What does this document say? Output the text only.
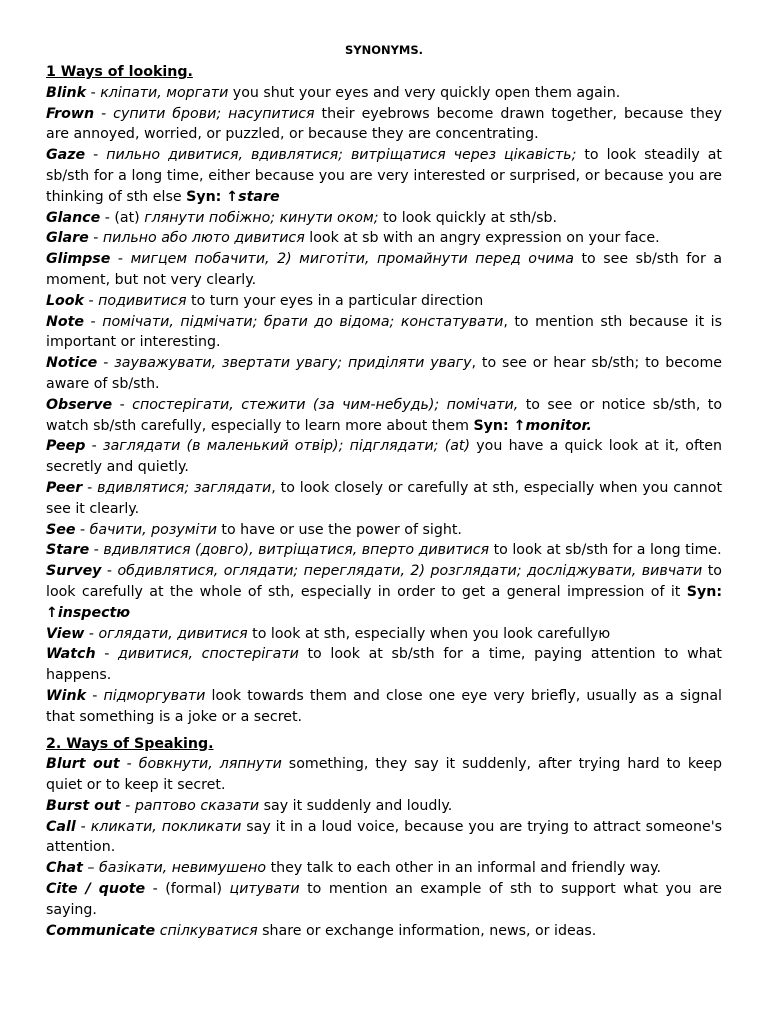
SYNONYMS.
1 Ways of looking.
Blink - кліпати, моргати you shut your eyes and very quickly open them again.
Frown - супити брови; насупитися their eyebrows become drawn together, because they are annoyed, worried, or puzzled, or because they are concentrating.
Gaze - пильно дивитися, вдивлятися; витріщатися через цікавість; to look steadily at sb/sth for a long time, either because you are very interested or surprised, or because you are thinking of sth else Syn: ↑stare
Glance - (at) глянути побіжно; кинути оком; to look quickly at sth/sb.
Glare - пильно або люто дивитися look at sb with an angry expression on your face.
Glimpse - мигцем побачити, 2) миготіти, промайнути перед очима to see sb/sth for a moment, but not very clearly.
Look - подивитися to turn your eyes in a particular direction
Note - помічати, підмічати; брати до відома; констатувати, to mention sth because it is important or interesting.
Notice - зауважувати, звертати увагу; приділяти увагу, to see or hear sb/sth; to become aware of sb/sth.
Observe - спостерігати, стежити (за чим-небудь); помічати, to see or notice sb/sth, to watch sb/sth carefully, especially to learn more about them Syn: ↑monitor.
Peep - заглядати (в маленький отвір); підглядати; (at) you have a quick look at it, often secretly and quietly.
Peer - вдивлятися; заглядати, to look closely or carefully at sth, especially when you cannot see it clearly.
See - бачити, розуміти to have or use the power of sight.
Stare - вдивлятися (довго), витріщатися, вперто дивитися to look at sb/sth for a long time.
Survey - обдивлятися, оглядати; переглядати, 2) розглядати; досліджувати, вивчати to look carefully at the whole of sth, especially in order to get a general impression of it Syn: ↑inspectю
View - оглядати, дивитися to look at sth, especially when you look carefullyю
Watch - дивитися, спостерігати to look at sb/sth for a time, paying attention to what happens.
Wink - підморгувати look towards them and close one eye very briefly, usually as a signal that something is a joke or a secret.
2. Ways of Speaking.
Blurt out - бовкнути, ляпнути something, they say it suddenly, after trying hard to keep quiet or to keep it secret.
Burst out - раптово сказати say it suddenly and loudly.
Call - кликати, покликати say it in a loud voice, because you are trying to attract someone's attention.
Chat – базікати, невимушено they talk to each other in an informal and friendly way.
Cite / quote - (formal) цитувати to mention an example of sth to support what you are saying.
Communicate спілкуватися share or exchange information, news, or ideas.
